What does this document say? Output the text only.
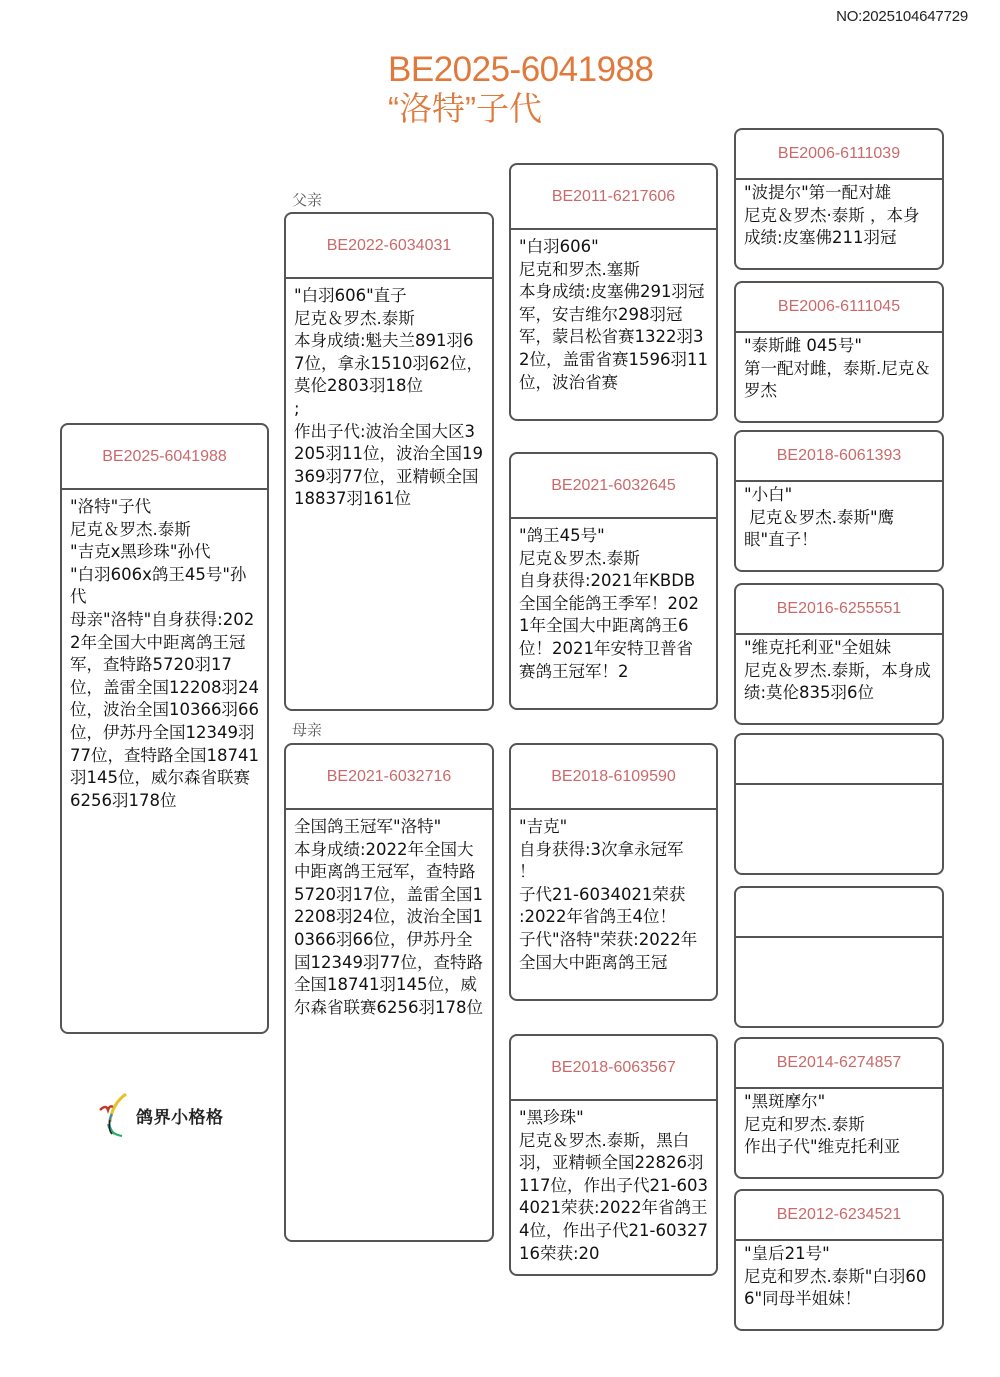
NO:2025104647729
BE2025-6041988
“洛特”子代
BE2025-6041988
"洛特"子代
尼克＆罗杰.泰斯
"吉克x黑珍珠"孙代
"白羽606x鸽王45号"孙代
母亲"洛特"自身获得:2022年全国大中距离鸽王冠军，查特路5720羽17位，盖雷全国12208羽24位，波治全国10366羽66位，伊苏丹全国12349羽77位，查特路全国18741羽145位，威尔森省联赛6256羽178位
父亲
BE2022-6034031
"白羽606"直子
尼克＆罗杰.泰斯
本身成绩:魁夫兰891羽67位，拿永1510羽62位，莫伦2803羽18位
;
作出子代:波治全国大区3205羽11位，波治全国19369羽77位，亚精顿全国18837羽161位
母亲
BE2021-6032716
全国鸽王冠军"洛特"
本身成绩:2022年全国大中距离鸽王冠军，查特路5720羽17位，盖雷全国12208羽24位，波治全国10366羽66位，伊苏丹全国12349羽77位，查特路全国18741羽145位，威尔森省联赛6256羽178位
BE2011-6217606
"白羽606"
尼克和罗杰.塞斯
本身成绩:皮塞佛291羽冠军，安吉维尔298羽冠军，蒙吕松省赛1322羽32位，盖雷省赛1596羽11位，波治省赛
BE2021-6032645
"鸽王45号"
尼克＆罗杰.泰斯
自身获得:2021年KBDB全国全能鸽王季军！2021年全国大中距离鸽王6位！2021年安特卫普省赛鸽王冠军！2
BE2018-6109590
"吉克"
自身获得:3次拿永冠军
！
子代21-6034021荣获
:2022年省鸽王4位！
子代"洛特"荣获:2022年全国大中距离鸽王冠
BE2018-6063567
"黑珍珠"
尼克＆罗杰.泰斯，黑白羽，亚精顿全国22826羽117位，作出子代21-6034021荣获:2022年省鸽王4位，作出子代21-6032716荣获:20
BE2006-6111039
"波提尔"第一配对雄
尼克＆罗杰·泰斯 ，本身成绩:皮塞佛211羽冠
BE2006-6111045
"泰斯雌 045号"
第一配对雌，泰斯.尼克＆罗杰
BE2018-6061393
"小白"
尼克＆罗杰.泰斯"鹰眼"直子！
BE2016-6255551
"维克托利亚"全姐妹
尼克＆罗杰.泰斯，本身成绩:莫伦835羽6位
BE2014-6274857
"黑斑摩尔"
尼克和罗杰.泰斯
作出子代"维克托利亚
BE2012-6234521
"皇后21号"
尼克和罗杰.泰斯"白羽606"同母半姐妹！
鸽界小格格
